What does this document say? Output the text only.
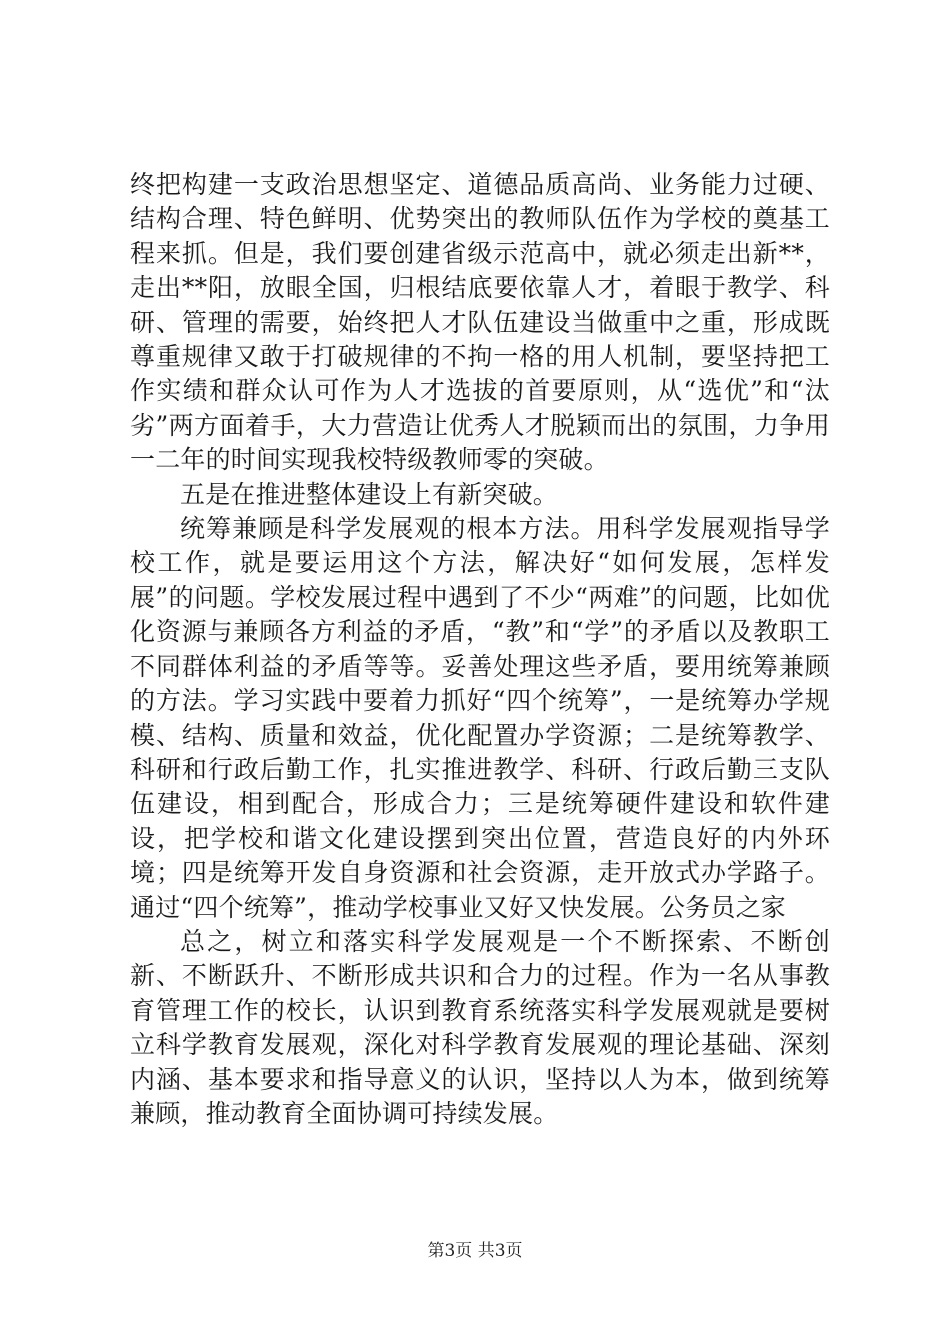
终把构建一支政治思想坚定、道德品质高尚、业务能力过硬、结构合理、特色鲜明、优势突出的教师队伍作为学校的奠基工程来抓。但是，我们要创建省级示范高中，就必须走出新**，走出**阳，放眼全国，归根结底要依靠人才，着眼于教学、科研、管理的需要，始终把人才队伍建设当做重中之重，形成既尊重规律又敢于打破规律的不拘一格的用人机制，要坚持把工作实绩和群众认可作为人才选拔的首要原则，从“选优”和“汰劣”两方面着手，大力营造让优秀人才脱颖而出的氛围，力争用一二年的时间实现我校特级教师零的突破。

五是在推进整体建设上有新突破。

统筹兼顾是科学发展观的根本方法。用科学发展观指导学校工作，就是要运用这个方法，解决好“如何发展，怎样发展”的问题。学校发展过程中遇到了不少“两难”的问题，比如优化资源与兼顾各方利益的矛盾，“教”和“学”的矛盾以及教职工不同群体利益的矛盾等等。妥善处理这些矛盾，要用统筹兼顾的方法。学习实践中要着力抓好“四个统筹”，一是统筹办学规模、结构、质量和效益，优化配置办学资源；二是统筹教学、科研和行政后勤工作，扎实推进教学、科研、行政后勤三支队伍建设，相到配合，形成合力；三是统筹硬件建设和软件建设，把学校和谐文化建设摆到突出位置，营造良好的内外环境；四是统筹开发自身资源和社会资源，走开放式办学路子。通过“四个统筹”，推动学校事业又好又快发展。公务员之家

总之，树立和落实科学发展观是一个不断探索、不断创新、不断跃升、不断形成共识和合力的过程。作为一名从事教育管理工作的校长，认识到教育系统落实科学发展观就是要树立科学教育发展观，深化对科学教育发展观的理论基础、深刻内涵、基本要求和指导意义的认识，坚持以人为本，做到统筹兼顾，推动教育全面协调可持续发展。

第3页 共3页
